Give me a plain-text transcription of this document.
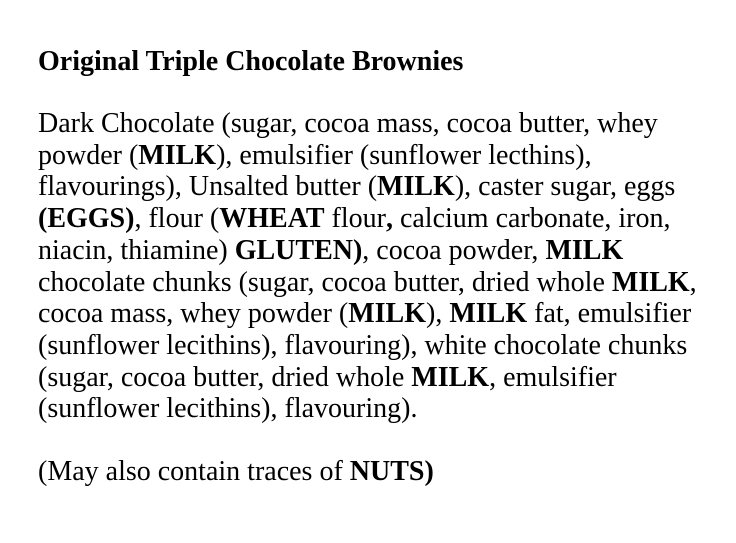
Original Triple Chocolate Brownies

Dark Chocolate (sugar, cocoa mass, cocoa butter, whey powder (MILK), emulsifier (sunflower lecthins), flavourings), Unsalted butter (MILK), caster sugar, eggs (EGGS), flour (WHEAT flour, calcium carbonate, iron, niacin, thiamine) GLUTEN), cocoa powder, MILK chocolate chunks (sugar, cocoa butter, dried whole MILK, cocoa mass, whey powder (MILK), MILK fat, emulsifier (sunflower lecithins), flavouring), white chocolate chunks (sugar, cocoa butter, dried whole MILK, emulsifier (sunflower lecithins), flavouring).

(May also contain traces of NUTS)
